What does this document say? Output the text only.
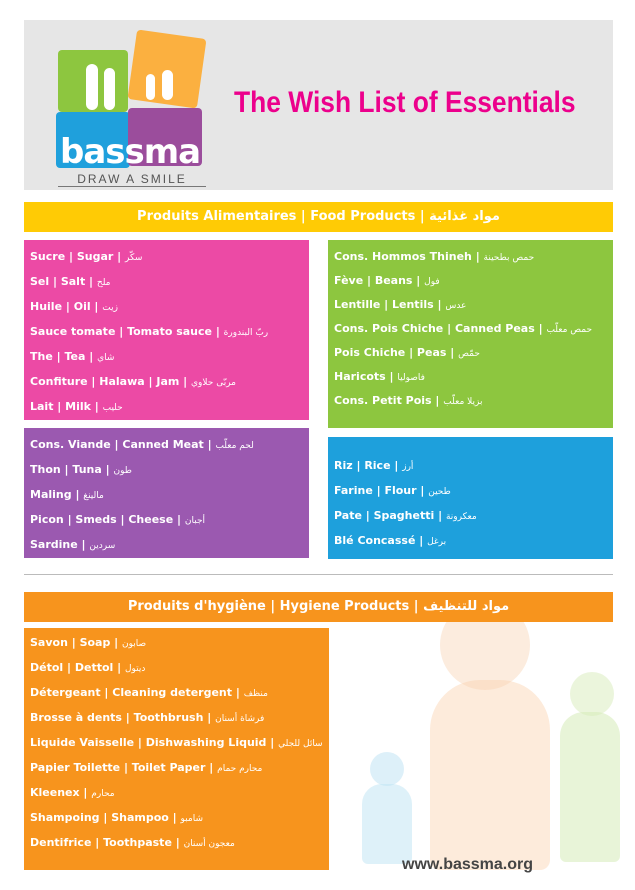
bassma
DRAW A SMILE
The Wish List of Essentials
Produits Alimentaires | Food Products | مواد غذائية
Sucre | Sugar | سكّر
Sel | Salt | ملح
Huile | Oil | زيت
Sauce tomate | Tomato sauce | ربّ البندورة
The | Tea | شاي
Confiture | Halawa | Jam | مربّى حلاوي
Lait | Milk | حليب
Cons. Hommos Thineh | حمص بطحينة
Fève | Beans | فول
Lentille | Lentils | عدس
Cons. Pois Chiche | Canned Peas | حمص معلّب
Pois Chiche | Peas | حمّص
Haricots | فاصوليا
Cons. Petit Pois | بزيلا معلّب
Cons. Viande | Canned Meat | لحم معلّب
Thon | Tuna | طون
Maling | مالينغ
Picon | Smeds | Cheese | أجبان
Sardine | سردين
Riz | Rice | أرز
Farine | Flour | طحين
Pate | Spaghetti | معكرونة
Blé Concassé | برغل
Produits d'hygiène | Hygiene Products | مواد للتنظيف
Savon | Soap | صابون
Détol | Dettol | ديتول
Détergeant | Cleaning detergent | منظف
Brosse à dents | Toothbrush | فرشاة أسنان
Liquide Vaisselle | Dishwashing Liquid | سائل للجلي
Papier Toilette | Toilet Paper | محارم حمام
Kleenex | محارم
Shampoing | Shampoo | شامبو
Dentifrice | Toothpaste | معجون أسنان
www.bassma.org
